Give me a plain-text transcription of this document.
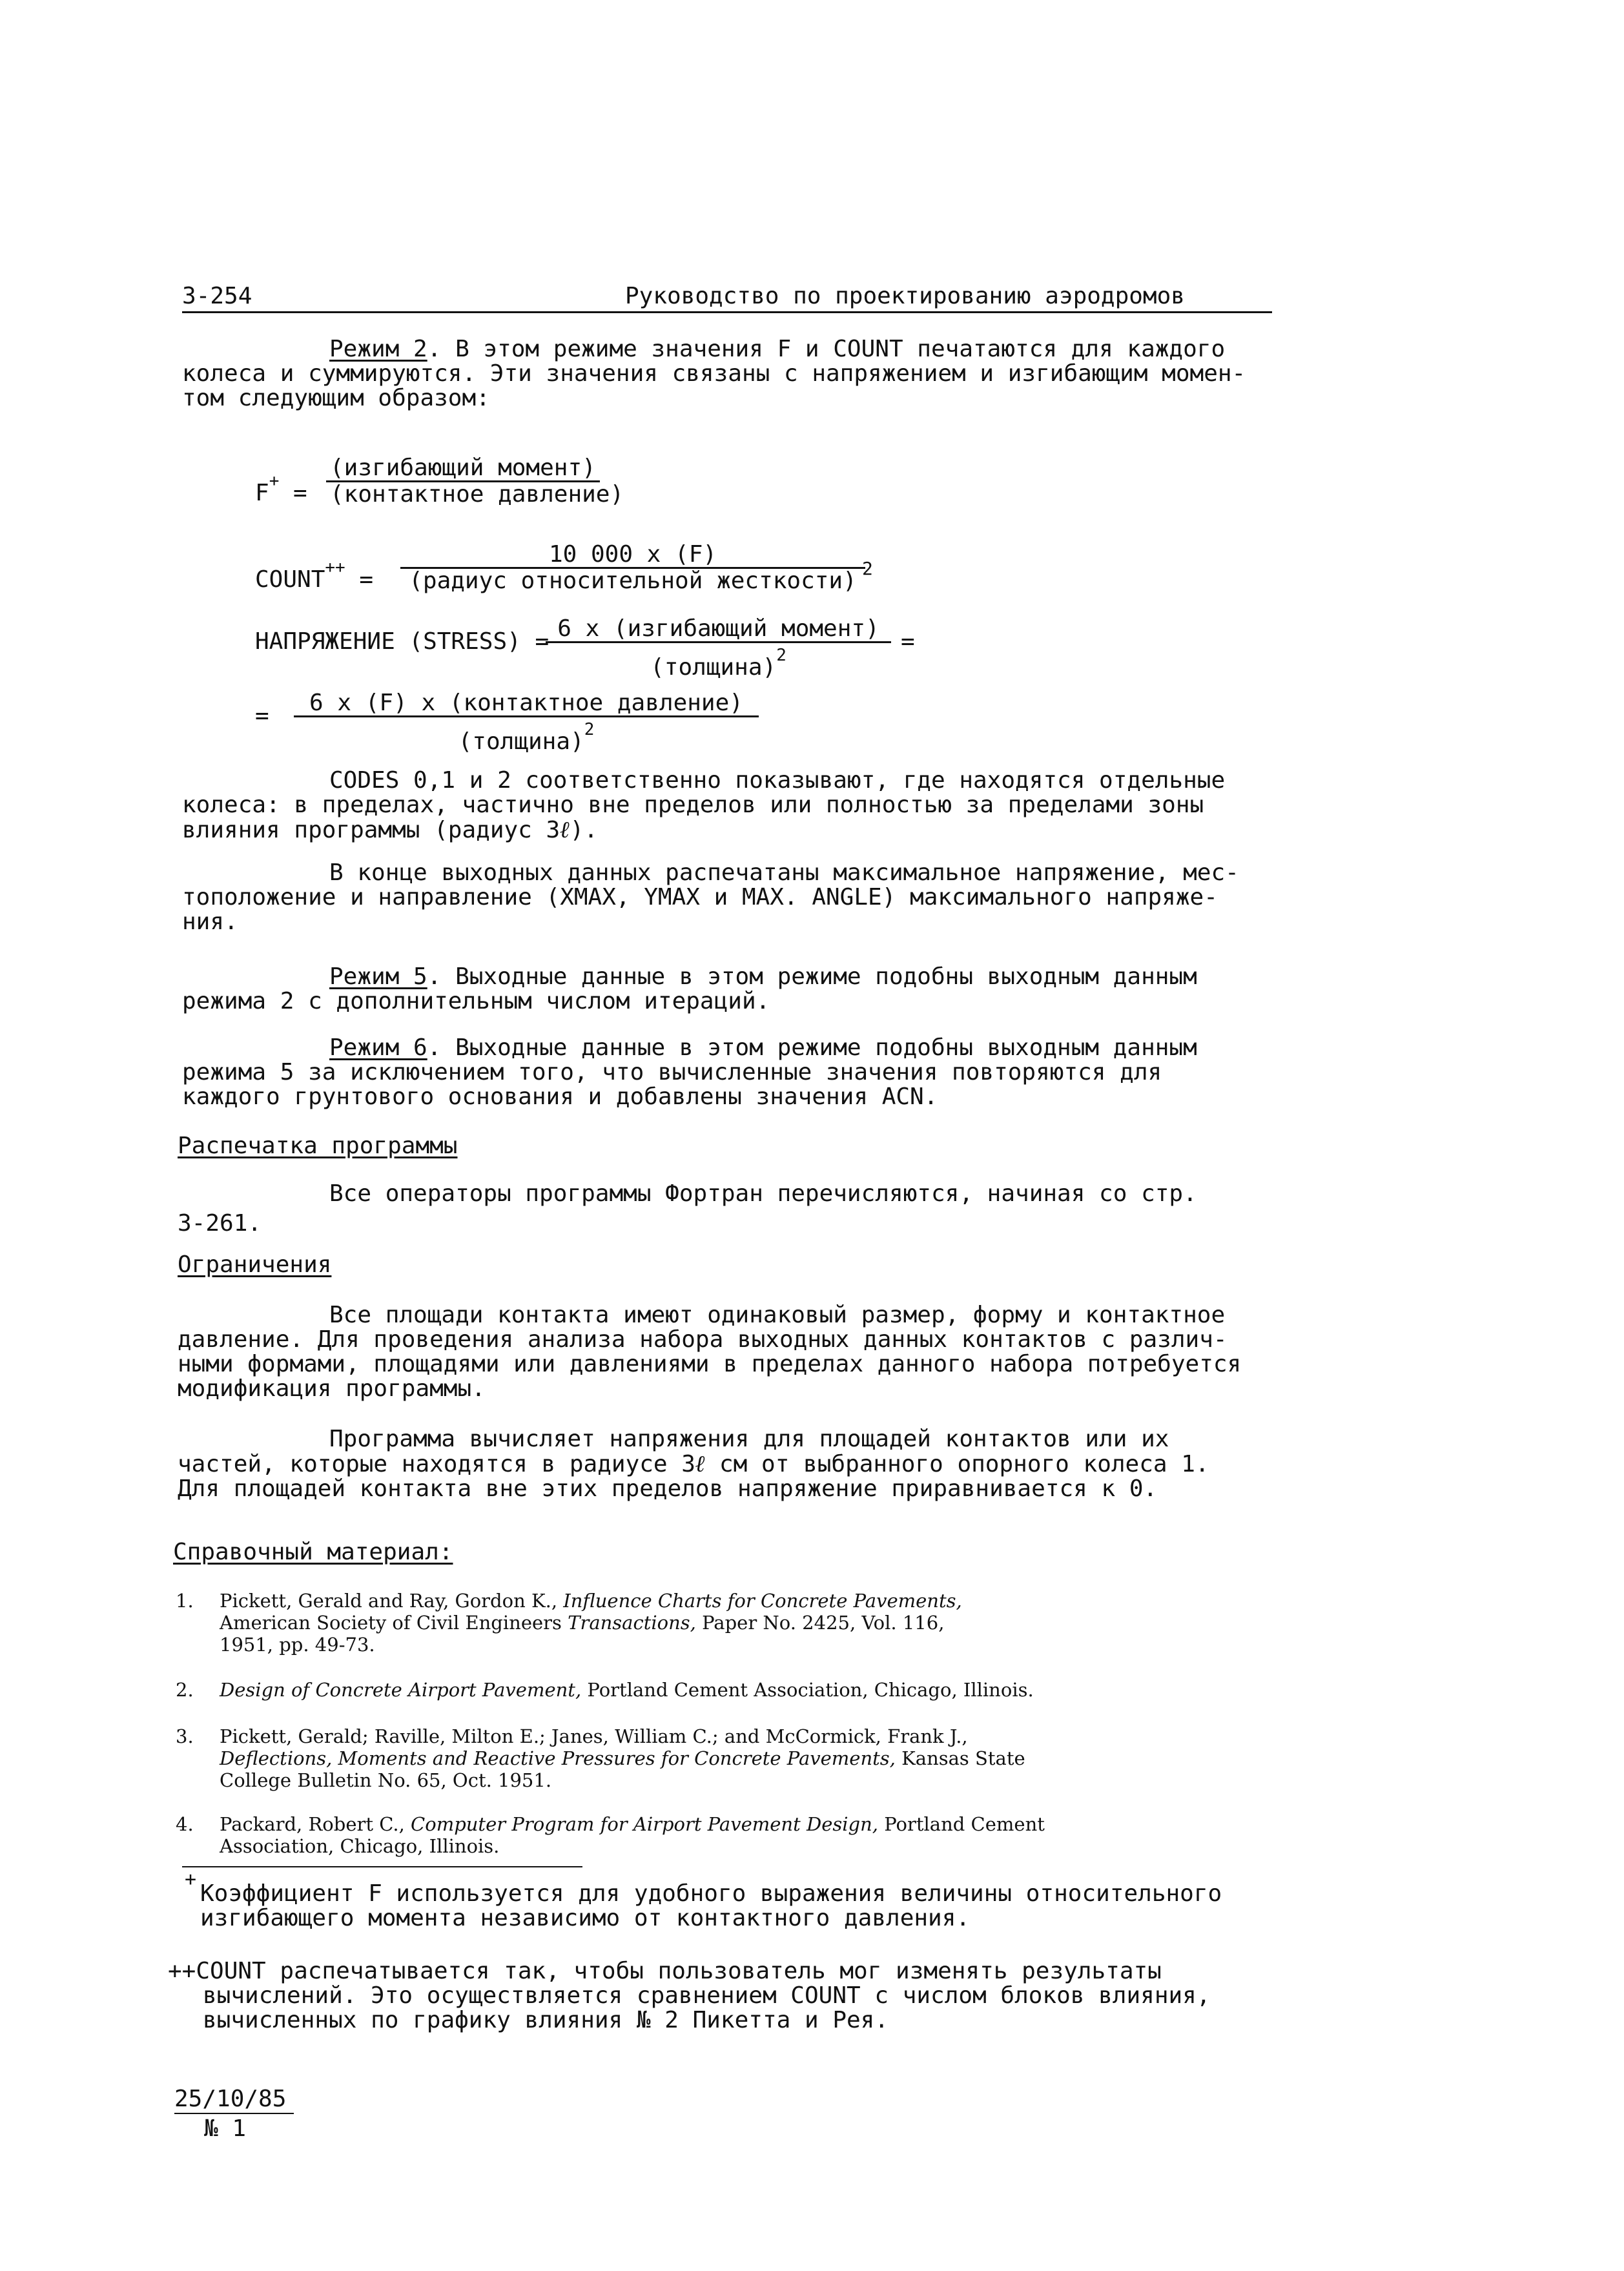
3-254	Руководство по проектированию аэродромов
Режим 2. В этом режиме значения F и COUNT печатаются для каждого
колеса и суммируются. Эти значения связаны с напряжением и изгибающим момен-
том следующим образом:
F+ =
(изгибающий момент)
(контактное давление)
COUNT++ =
10 000 x (F)
(радиус относительной жесткости) 2
НАПРЯЖЕНИЕ (STRESS) = 6 x (изгибающий момент)
(толщина)$^2$
=
=	6 x (F) x (контактное давление)
(толщина)$^2$
CODES 0,1 и 2 соответственно показывают, где находятся отдельные
колеса: в пределах, частично вне пределов или полностью за пределами зоны
влияния программы (радиус 3ℓ).
В конце выходных данных распечатаны максимальное напряжение, мес-
тоположение и направление (XMAX, YMAX и MAX. ANGLE) максимального напряже-
ния.
Режим 5. Выходные данные в этом режиме подобны выходным данным
режима 2 с дополнительным числом итераций.
Режим 6. Выходные данные в этом режиме подобны выходным данным
режима 5 за исключением того, что вычисленные значения повторяются для
каждого грунтового основания и добавлены значения ACN.
Распечатка программы
Все операторы программы Фортран перечисляются, начиная со стр.
3-261.
Ограничения
Все площади контакта имеют одинаковый размер, форму и контактное
давление. Для проведения анализа набора выходных данных контактов с различ-
ными формами, площадями или давлениями в пределах данного набора потребуется
модификация программы.
Программа вычисляет напряжения для площадей контактов или их
частей, которые находятся в радиусе 3ℓ см от выбранного опорного колеса 1.
Для площадей контакта вне этих пределов напряжение приравнивается к 0.
Справочный материал:
1. Pickett, Gerald and Ray, Gordon K., Influence Charts for Concrete Pavements,
American Society of Civil Engineers Transactions, Paper No. 2425, Vol. 116,
1951, pp. 49-73.
2. Design of Concrete Airport Pavement, Portland Cement Association, Chicago, Illinois.
3. Pickett, Gerald; Raville, Milton E.; Janes, William C.; and McCormick, Frank J.,
Deflections, Moments and Reactive Pressures for Concrete Pavements, Kansas State
College Bulletin No. 65, Oct. 1951.
4. Packard, Robert C., Computer Program for Airport Pavement Design, Portland Cement
Association, Chicago, Illinois.
+
Коэффициент F используется для удобного выражения величины относительного
изгибающего момента независимо от контактного давления.
++COUNT распечатывается так, чтобы пользователь мог изменять результаты
вычислений. Это осуществляется сравнением COUNT с числом блоков влияния,
вычисленных по графику влияния № 2 Пикетта и Рея.
25/10/85
№ 1
